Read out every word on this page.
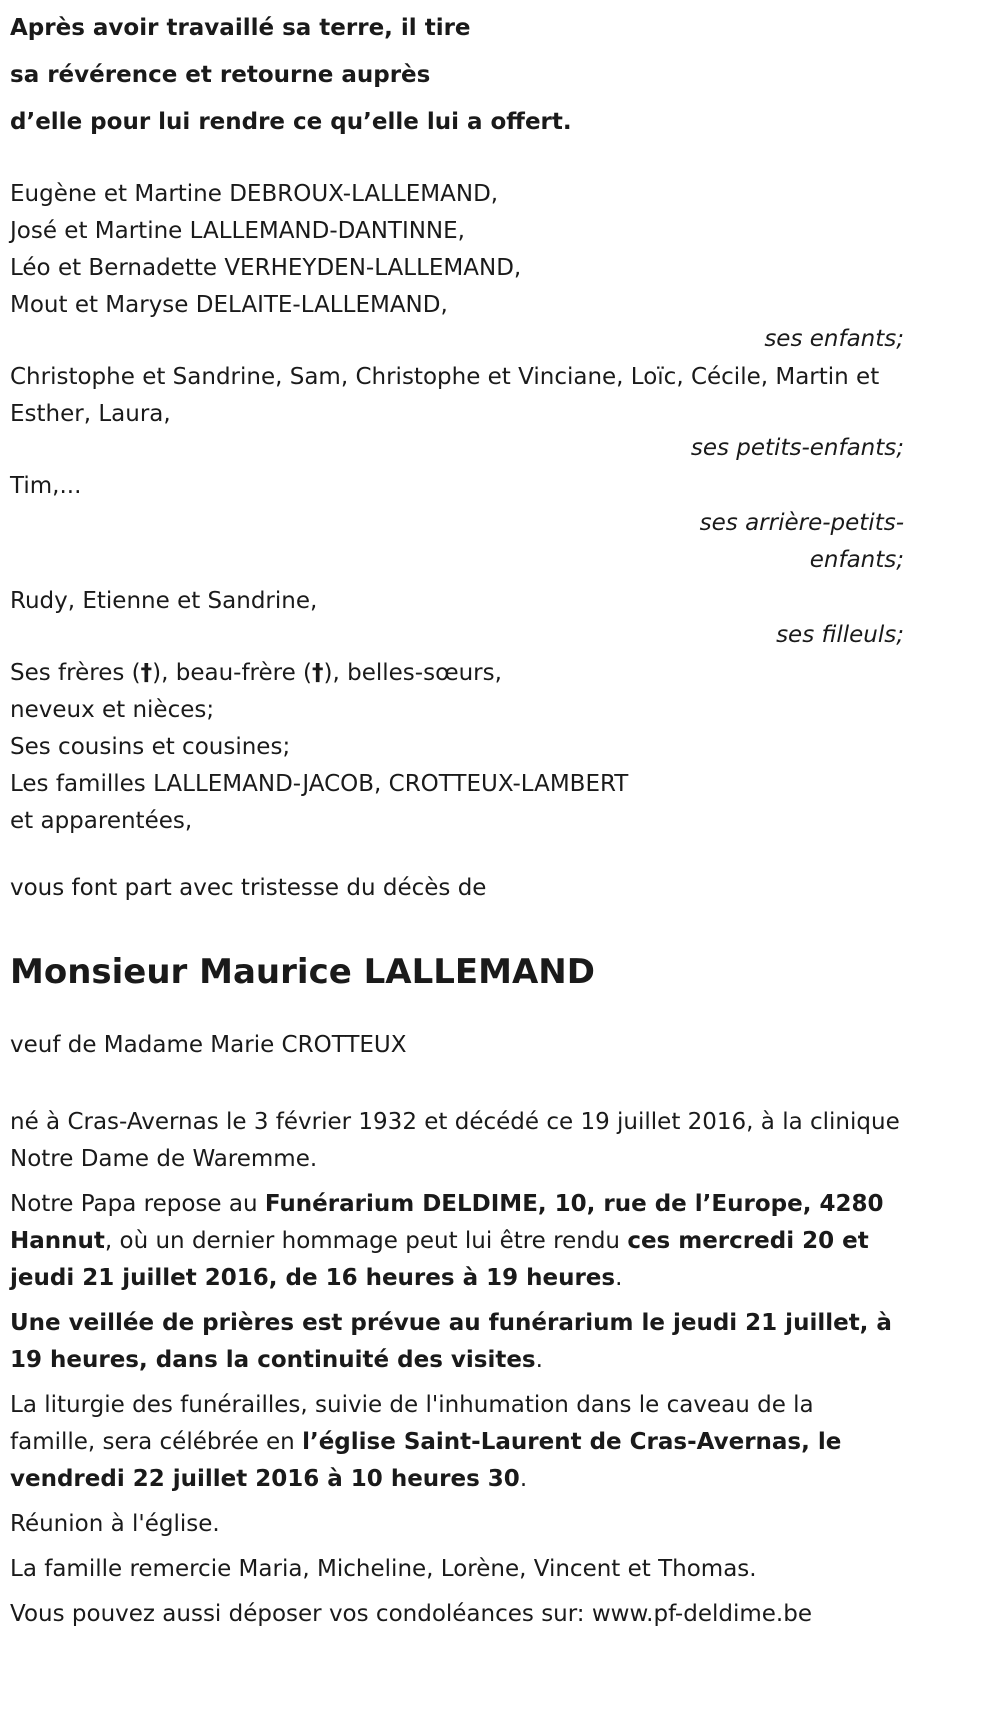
Après avoir travaillé sa terre, il tire
sa révérence et retourne auprès
d’elle pour lui rendre ce qu’elle lui a offert.
Eugène et Martine DEBROUX-LALLEMAND,
José et Martine LALLEMAND-DANTINNE,
Léo et Bernadette VERHEYDEN-LALLEMAND,
Mout et Maryse DELAITE-LALLEMAND,
ses enfants;
Christophe et Sandrine, Sam, Christophe et Vinciane, Loïc, Cécile, Martin et Esther, Laura,
ses petits-enfants;
Tim,...
ses arrière-petits-enfants;
Rudy, Etienne et Sandrine,
ses filleuls;
Ses frères (†), beau-frère (†), belles-sœurs,
neveux et nièces;
Ses cousins et cousines;
Les familles LALLEMAND-JACOB, CROTTEUX-LAMBERT
et apparentées,
vous font part avec tristesse du décès de
Monsieur Maurice LALLEMAND
veuf de Madame Marie CROTTEUX
né à Cras-Avernas le 3 février 1932 et décédé ce 19 juillet 2016, à la clinique Notre Dame de Waremme.
Notre Papa repose au Funérarium DELDIME, 10, rue de l’Europe, 4280 Hannut, où un dernier hommage peut lui être rendu ces mercredi 20 et jeudi 21 juillet 2016, de 16 heures à 19 heures.
Une veillée de prières est prévue au funérarium le jeudi 21 juillet, à 19 heures, dans la continuité des visites.
La liturgie des funérailles, suivie de l'inhumation dans le caveau de la famille, sera célébrée en l’église Saint-Laurent de Cras-Avernas, le vendredi 22 juillet 2016 à 10 heures 30.
Réunion à l'église.
La famille remercie Maria, Micheline, Lorène, Vincent et Thomas.
Vous pouvez aussi déposer vos condoléances sur: www.pf-deldime.be
